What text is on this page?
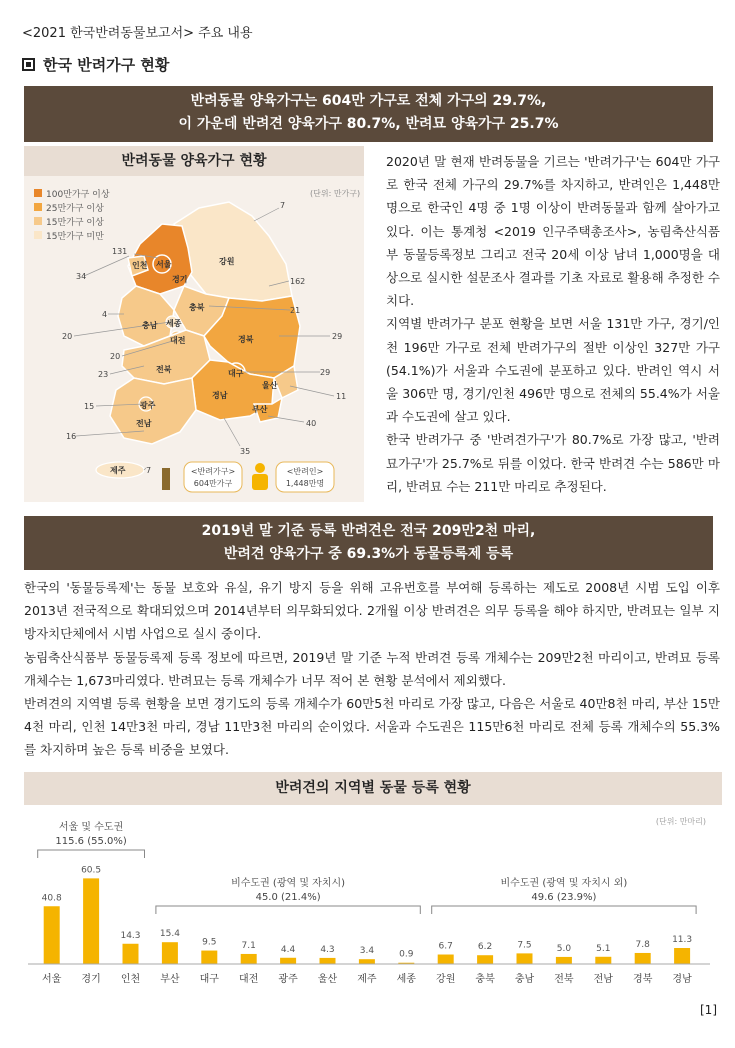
<2021 한국반려동물보고서> 주요 내용
한국 반려가구 현황
반려동물 양육가구는 604만 가구로 전체 가구의 29.7%,
이 가운데 반려견 양육가구 80.7%, 반려묘 양육가구 25.7%
반려동물 양육가구 현황
100만가구 이상
25만가구 이상
15만가구 이상
15만가구 미만
(단위: 만가구)
인천 서울
경기
강원
충북
충남 세종
대전	경북
전북	대구
울산
광주
경남
부산
전남
제주
34
131
7
162
21
4
20
20
29
23	29
11
15
40
16
35
7	<반려가구>
604만가구
<반려인>
1,448만명

2020년 말 현재 반려동물을 기르는 '반려가구'는 604만 가구로 한국 전체 가구의 29.7%를 차지하고, 반려인은 1,448만 명으로 한국인 4명 중 1명 이상이 반려동물과 함께 살아가고 있다. 이는 통계청 <2019 인구주택총조사>, 농림축산식품부 동물등록정보 그리고 전국 20세 이상 남녀 1,000명을 대상으로 실시한 설문조사 결과를 기초 자료로 활용해 추정한 수치다.

지역별 반려가구 분포 현황을 보면 서울 131만 가구, 경기/인천 196만 가구로 전체 반려가구의 절반 이상인 327만 가구(54.1%)가 서울과 수도권에 분포하고 있다. 반려인 역시 서울 306만 명, 경기/인천 496만 명으로 전체의 55.4%가 서울과 수도권에 살고 있다.

한국 반려가구 중 '반려견가구'가 80.7%로 가장 많고, '반려묘가구'가 25.7%로 뒤를 이었다. 한국 반려견 수는 586만 마리, 반려묘 수는 211만 마리로 추정된다.

2019년 말 기준 등록 반려견은 전국 209만2천 마리,
반려견 양육가구 중 69.3%가 동물등록제 등록

한국의 '동물등록제'는 동물 보호와 유실, 유기 방지 등을 위해 고유번호를 부여해 등록하는 제도로 2008년 시범 도입 이후 2013년 전국적으로 확대되었으며 2014년부터 의무화되었다. 2개월 이상 반려견은 의무 등록을 해야 하지만, 반려묘는 일부 지방자치단체에서 시범 사업으로 실시 중이다.

농림축산식품부 동물등록제 등록 정보에 따르면, 2019년 말 기준 누적 반려견 등록 개체수는 209만2천 마리이고, 반려묘 등록 개체수는 1,673마리였다. 반려묘는 등록 개체수가 너무 적어 본 현황 분석에서 제외했다.

반려견의 지역별 등록 현황을 보면 경기도의 등록 개체수가 60만5천 마리로 가장 많고, 다음은 서울로 40만8천 마리, 부산 15만4천 마리, 인천 14만3천 마리, 경남 11만3천 마리의 순이었다. 서울과 수도권은 115만6천 마리로 전체 등록 개체수의 55.3%를 차지하며 높은 등록 비중을 보였다.

반려견의 지역별 동물 등록 현황
(단위: 만마리)
40.8
서울
60.5
경기
14.3
인천
15.4
부산
9.5
대구
7.1
대전
4.4
광주
4.3
울산
3.4
제주
0.9
세종
6.7
강원
6.2
충북
7.5
충남
5.0
전북
5.1
전남
7.8
경북
11.3
경남
서울 및 수도권
115.6 (55.0%)
비수도권 (광역 및 자치시)
45.0 (21.4%)
비수도권 (광역 및 자치시 외)
49.6 (23.9%)
[1]
